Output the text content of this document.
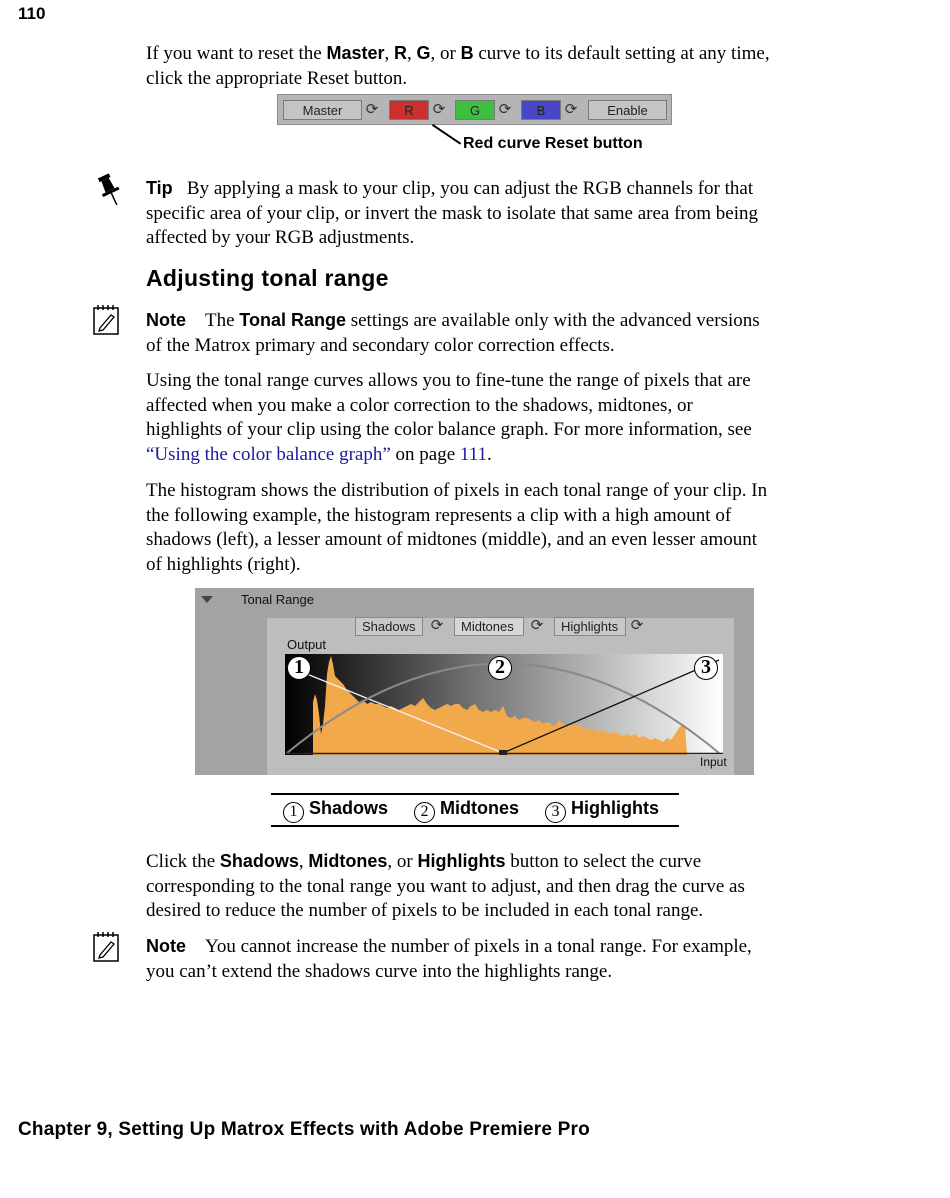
110
If you want to reset the Master, R, G, or B curve to its default setting at any time,
click the appropriate Reset button.
Master	⟳	R	⟳	G	⟳	B	⟳	Enable
Red curve Reset button
Tip By applying a mask to your clip, you can adjust the RGB channels for that
specific area of your clip, or invert the mask to isolate that same area from being
affected by your RGB adjustments.
Adjusting tonal range
Note The Tonal Range settings are available only with the advanced versions
of the Matrox primary and secondary color correction effects.
Using the tonal range curves allows you to fine-tune the range of pixels that are
affected when you make a color correction to the shadows, midtones, or
highlights of your clip using the color balance graph. For more information, see
“Using the color balance graph” on page 111.
The histogram shows the distribution of pixels in each tonal range of your clip. In
the following example, the histogram represents a clip with a high amount of
shadows (left), a lesser amount of midtones (middle), and an even lesser amount
of highlights (right).
Tonal Range
Shadows	⟳	Midtones	⟳	Highlights ⟳
Output
Input
1	2	3
1 Shadows	2 Midtones	3 Highlights
Click the Shadows, Midtones, or Highlights button to select the curve
corresponding to the tonal range you want to adjust, and then drag the curve as
desired to reduce the number of pixels to be included in each tonal range.
Note You cannot increase the number of pixels in a tonal range. For example,
you can’t extend the shadows curve into the highlights range.
Chapter 9, Setting Up Matrox Effects with Adobe Premiere Pro
